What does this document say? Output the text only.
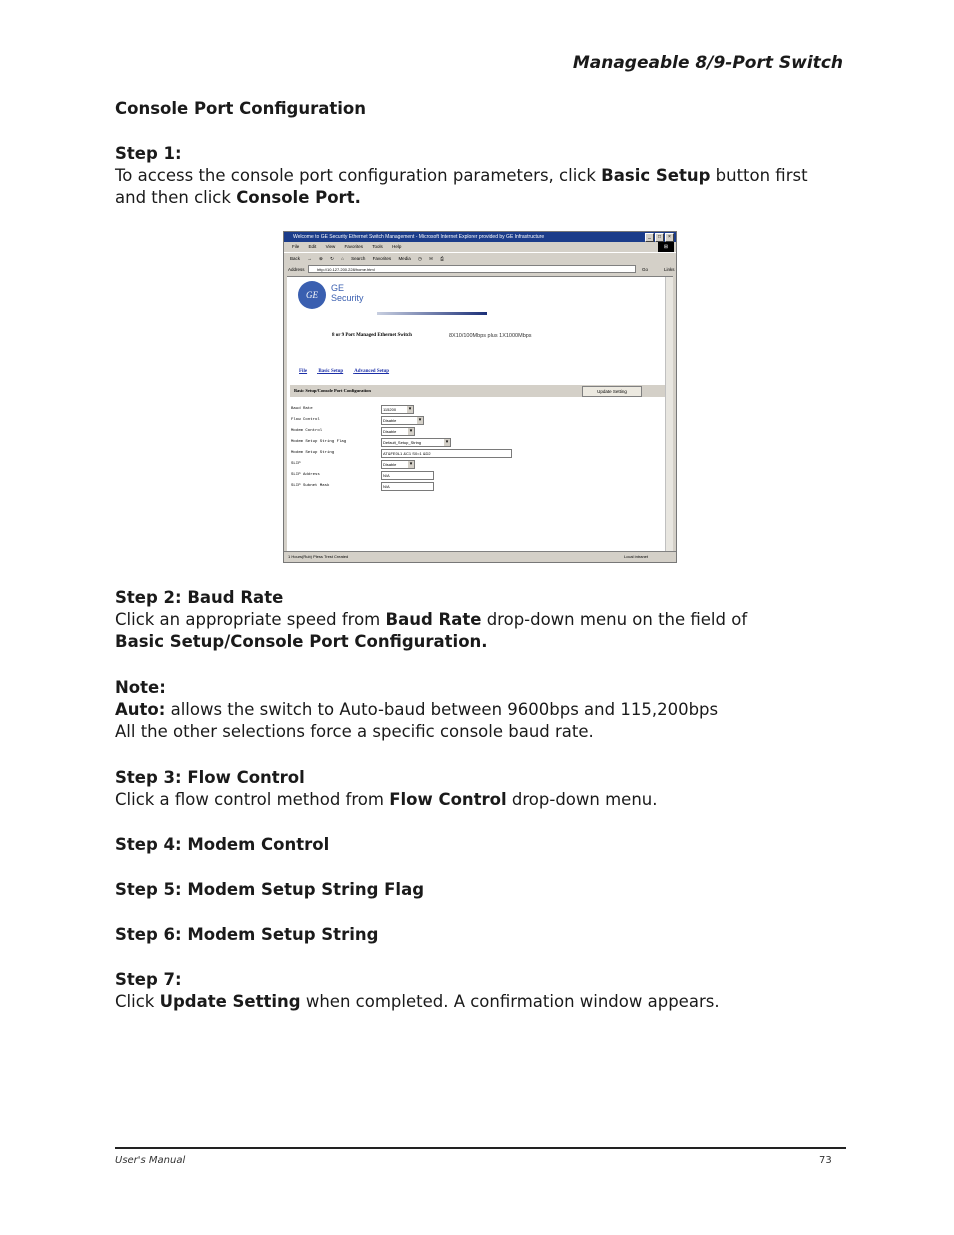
Manageable 8/9-Port Switch
Console Port Configuration
Step 1:
To access the console port configuration parameters, click Basic Setup button first
and then click Console Port.
Welcome to GE Security Ethernet Switch Management - Microsoft Internet Explorer provided by GE Infrastructure	_	□	×
File Edit View Favorites Tools Help	⊞
Back → ⊗ ↻ ⌂ Search Favorites Media ◷ ✉ ⎙
Address	http://10.127.200.228/home.html	Go	Links
GE
GE
Security
8 or 9 Port Managed Ethernet Switch	8X10/100Mbps plus 1X1000Mbps
File Basic Setup Advanced Setup
Basic Setup/Console Port Configuration	Update Setting
Baud Rate	115200 ▾
Flow Control	Disable ▾
Modem Control	Disable ▾
Modem Setup String Flag	Default_Setup_String ▾
Modem Setup String	AT&FE0L1 &C1 S0=1 &D2
SLIP	Disable ▾
SLIP Address	N/A
SLIP Subnet Mask	N/A
1 Hours(Rub) Pless Trest Created	Local intranet
Step 2: Baud Rate
Click an appropriate speed from Baud Rate drop-down menu on the field of
Basic Setup/Console Port Configuration.
Note:
Auto: allows the switch to Auto-baud between 9600bps and 115,200bps
All the other selections force a specific console baud rate.
Step 3: Flow Control
Click a flow control method from Flow Control drop-down menu.
Step 4: Modem Control
Step 5: Modem Setup String Flag
Step 6: Modem Setup String
Step 7:
Click Update Setting when completed. A confirmation window appears.
User's Manual	73
